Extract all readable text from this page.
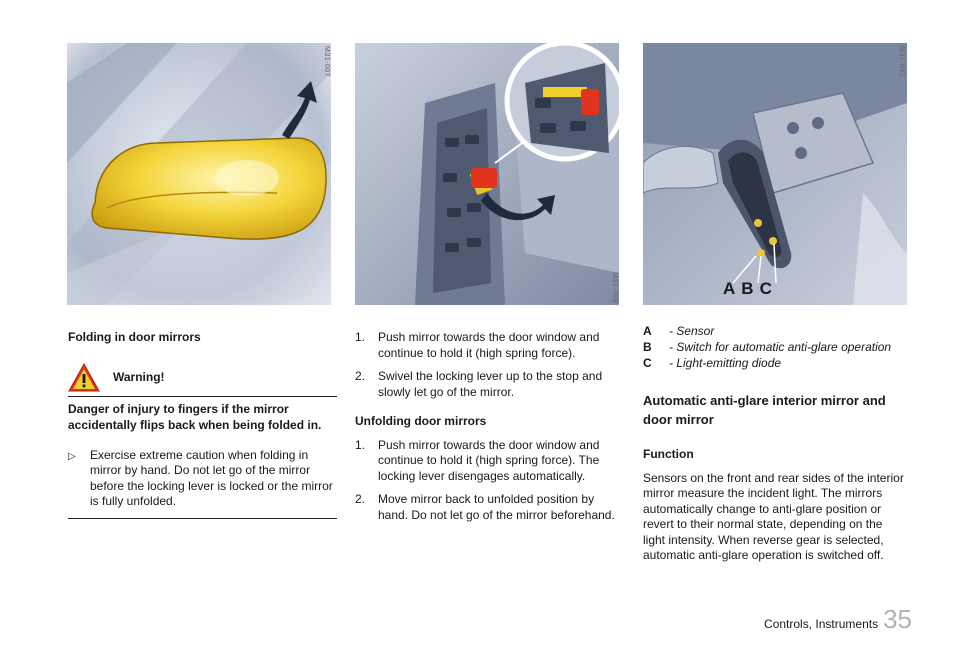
M31-007
M31-008	ABC
M31-042

Folding in door mirrors

Warning!

Danger of injury to fingers if the mirror accidentally flips back when being folded in.

▷	Exercise extreme caution when folding in mirror by hand. Do not let go of the mirror before the locking lever is locked or the mirror is fully unfolded.
1.	Push mirror towards the door window and continue to hold it (high spring force).
2.	Swivel the locking lever up to the stop and slowly let go of the mirror.

Unfolding door mirrors

1.	Push mirror towards the door window and continue to hold it (high spring force). The locking lever disengages automatically.
2.	Move mirror back to unfolded position by hand. Do not let go of the mirror beforehand.
A	- Sensor
B	- Switch for automatic anti-glare operation
C	- Light-emitting diode

Automatic anti-glare interior mirror and door mirror

Function

Sensors on the front and rear sides of the interior mirror measure the incident light. The mirrors automatically change to anti-glare position or revert to their normal state, depending on the light intensity. When reverse gear is selected, automatic anti-glare operation is switched off.

Controls, Instruments 35
